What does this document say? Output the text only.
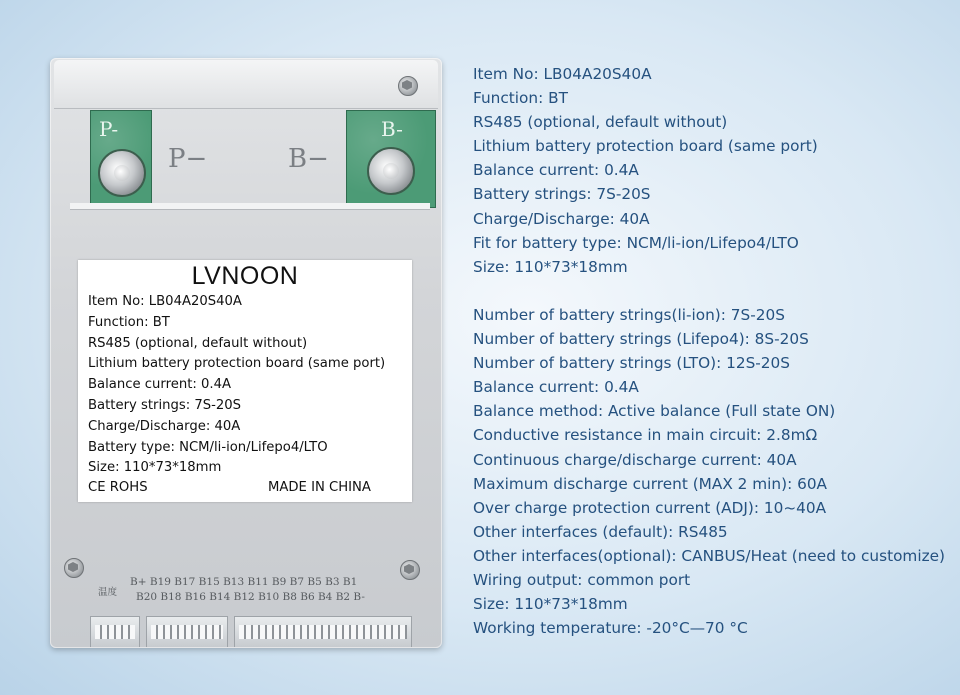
P-	B-
P−	B−
LVNOON
Item No: LB04A20S40A
Function: BT
RS485 (optional, default without)
Lithium battery protection board (same port)
Balance current: 0.4A
Battery strings: 7S-20S
Charge/Discharge: 40A
Battery type: NCM/li-ion/Lifepo4/LTO
Size: 110*73*18mm
CE ROHS	MADE IN CHINA
温度
B+ B19 B17 B15 B13 B11 B9 B7 B5 B3 B1
B20 B18 B16 B14 B12 B10 B8 B6 B4 B2 B-
Item No: LB04A20S40A
Function: BT
RS485 (optional, default without)
Lithium battery protection board (same port)
Balance current: 0.4A
Battery strings: 7S-20S
Charge/Discharge: 40A
Fit for battery type: NCM/li-ion/Lifepo4/LTO
Size: 110*73*18mm
Number of battery strings(li-ion): 7S-20S
Number of battery strings (Lifepo4): 8S-20S
Number of battery strings (LTO): 12S-20S
Balance current: 0.4A
Balance method: Active balance (Full state ON)
Conductive resistance in main circuit: 2.8mΩ
Continuous charge/discharge current: 40A
Maximum discharge current (MAX 2 min): 60A
Over charge protection current (ADJ): 10~40A
Other interfaces (default): RS485
Other interfaces(optional): CANBUS/Heat (need to customize)
Wiring output: common port
Size: 110*73*18mm
Working temperature: -20°C—70 °C
